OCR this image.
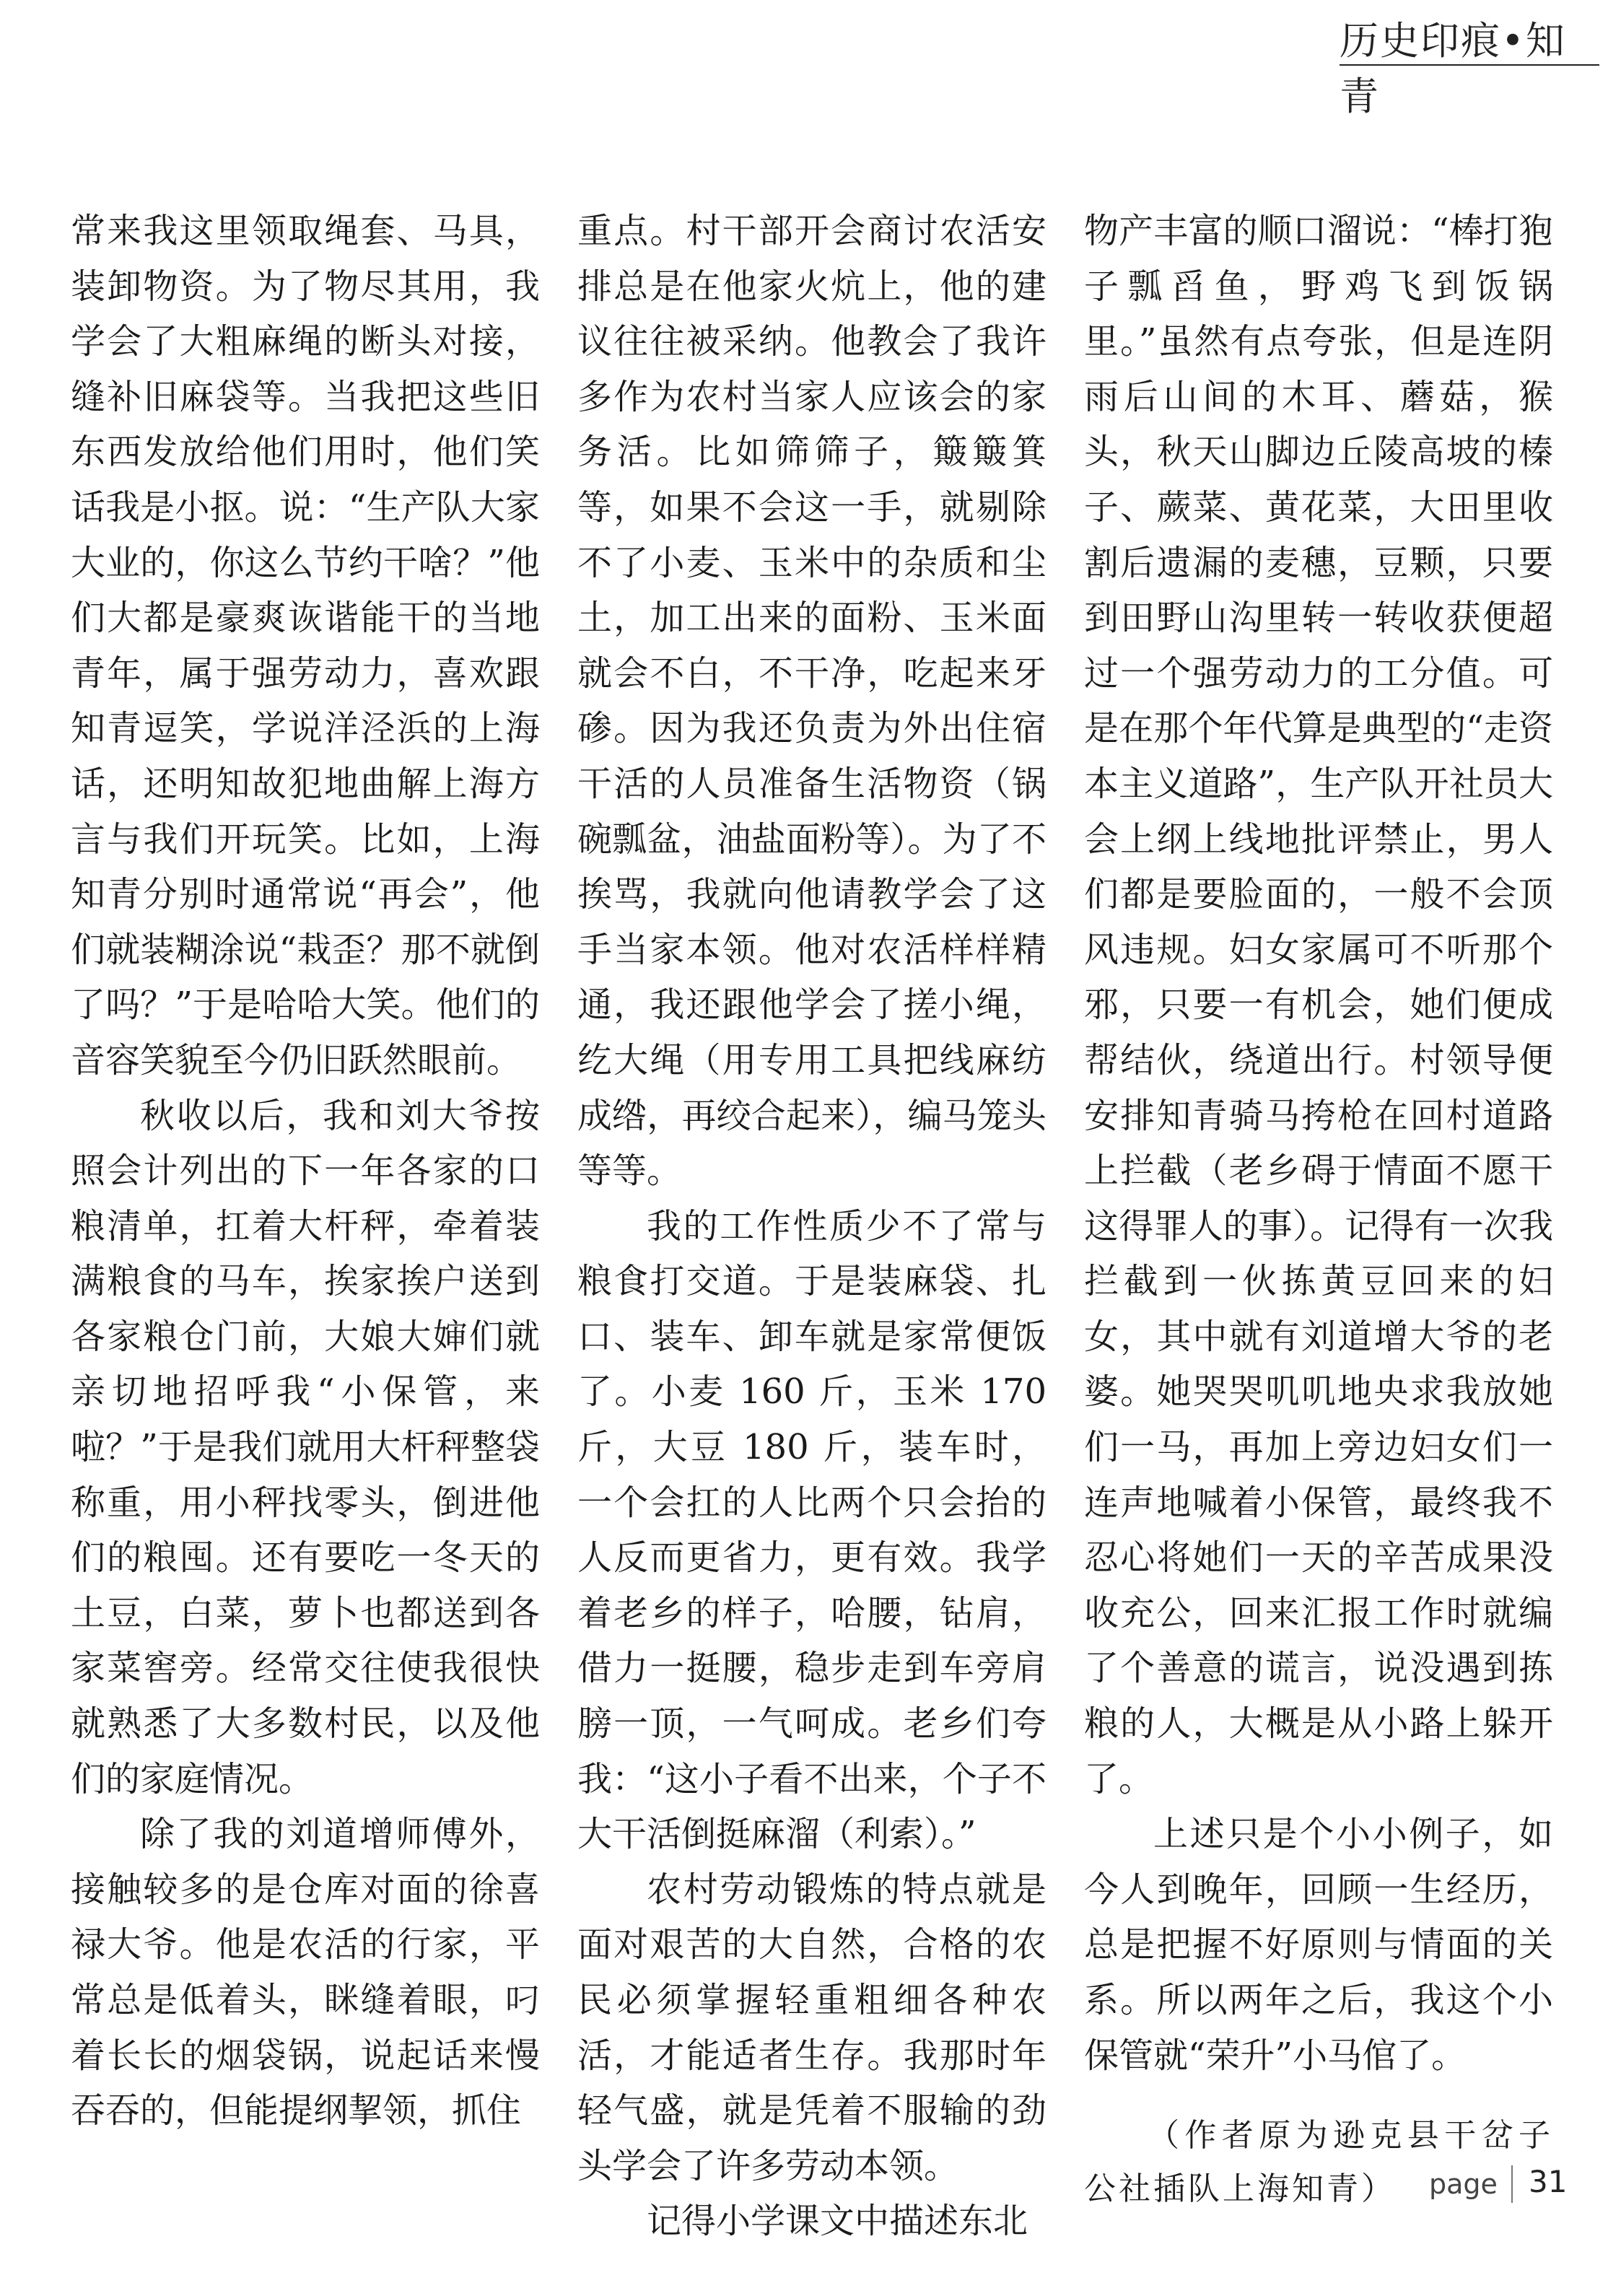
历史印痕•知青

常来我这里领取绳套、马具，装卸物资。为了物尽其用，我学会了大粗麻绳的断头对接，缝补旧麻袋等。当我把这些旧东西发放给他们用时，他们笑话我是小抠。说：“生产队大家大业的，你这么节约干啥？”他们大都是豪爽诙谐能干的当地青年，属于强劳动力，喜欢跟知青逗笑，学说洋泾浜的上海话，还明知故犯地曲解上海方言与我们开玩笑。比如，上海知青分别时通常说“再会”，他们就装糊涂说“栽歪？那不就倒了吗？”于是哈哈大笑。他们的音容笑貌至今仍旧跃然眼前。

秋收以后，我和刘大爷按照会计列出的下一年各家的口粮清单，扛着大杆秤，牵着装满粮食的马车，挨家挨户送到各家粮仓门前，大娘大婶们就亲切地招呼我“小保管，来啦？”于是我们就用大杆秤整袋称重，用小秤找零头，倒进他们的粮囤。还有要吃一冬天的土豆，白菜，萝卜也都送到各家菜窖旁。经常交往使我很快就熟悉了大多数村民，以及他们的家庭情况。

除了我的刘道增师傅外，接触较多的是仓库对面的徐喜禄大爷。他是农活的行家，平常总是低着头，眯缝着眼，叼着长长的烟袋锅，说起话来慢吞吞的，但能提纲挈领，抓住

重点。村干部开会商讨农活安排总是在他家火炕上，他的建议往往被采纳。他教会了我许多作为农村当家人应该会的家务活。比如筛筛子，簸簸箕等，如果不会这一手，就剔除不了小麦、玉米中的杂质和尘土，加工出来的面粉、玉米面就会不白，不干净，吃起来牙碜。因为我还负责为外出住宿干活的人员准备生活物资（锅碗瓢盆，油盐面粉等）。为了不挨骂，我就向他请教学会了这手当家本领。他对农活样样精通，我还跟他学会了搓小绳，纥大绳（用专用工具把线麻纺成绺，再绞合起来），编马笼头等等。

我的工作性质少不了常与粮食打交道。于是装麻袋、扎口、装车、卸车就是家常便饭了。小麦 160 斤，玉米 170 斤，大豆 180 斤，装车时，一个会扛的人比两个只会抬的人反而更省力，更有效。我学着老乡的样子，哈腰，钻肩，借力一挺腰，稳步走到车旁肩膀一顶，一气呵成。老乡们夸我：“这小子看不出来，个子不大干活倒挺麻溜（利索）。”

农村劳动锻炼的特点就是面对艰苦的大自然，合格的农民必须掌握轻重粗细各种农活，才能适者生存。我那时年轻气盛，就是凭着不服输的劲头学会了许多劳动本领。

记得小学课文中描述东北

物产丰富的顺口溜说：“棒打狍子瓢舀鱼，野鸡飞到饭锅里。”虽然有点夸张，但是连阴雨后山间的木耳、蘑菇，猴头，秋天山脚边丘陵高坡的榛子、蕨菜、黄花菜，大田里收割后遗漏的麦穗，豆颗，只要到田野山沟里转一转收获便超过一个强劳动力的工分值。可是在那个年代算是典型的“走资本主义道路”，生产队开社员大会上纲上线地批评禁止，男人们都是要脸面的，一般不会顶风违规。妇女家属可不听那个邪，只要一有机会，她们便成帮结伙，绕道出行。村领导便安排知青骑马挎枪在回村道路上拦截（老乡碍于情面不愿干这得罪人的事）。记得有一次我拦截到一伙拣黄豆回来的妇女，其中就有刘道增大爷的老婆。她哭哭叽叽地央求我放她们一马，再加上旁边妇女们一连声地喊着小保管，最终我不忍心将她们一天的辛苦成果没收充公，回来汇报工作时就编了个善意的谎言，说没遇到拣粮的人，大概是从小路上躲开了。

上述只是个小小例子，如今人到晚年，回顾一生经历，总是把握不好原则与情面的关系。所以两年之后，我这个小保管就“荣升”小马倌了。

（作者原为逊克县干岔子公社插队上海知青）	page 31
